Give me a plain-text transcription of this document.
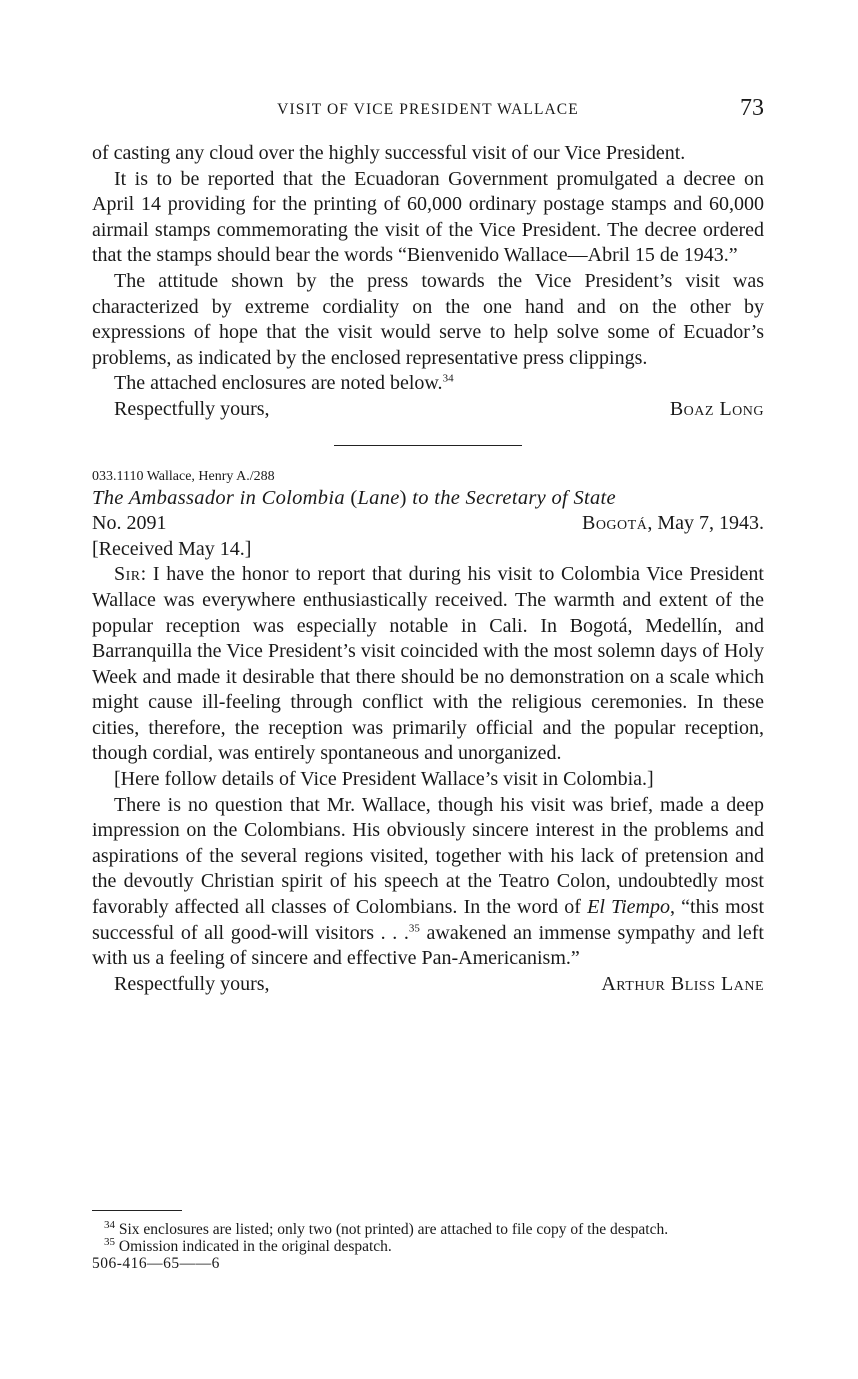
VISIT OF VICE PRESIDENT WALLACE	73

of casting any cloud over the highly successful visit of our Vice President.

It is to be reported that the Ecuadoran Government promulgated a decree on April 14 providing for the printing of 60,000 ordinary postage stamps and 60,000 airmail stamps commemorating the visit of the Vice President. The decree ordered that the stamps should bear the words “Bienvenido Wallace—Abril 15 de 1943.”

The attitude shown by the press towards the Vice President’s visit was characterized by extreme cordiality on the one hand and on the other by expressions of hope that the visit would serve to help solve some of Ecuador’s problems, as indicated by the enclosed representative press clippings.

The attached enclosures are noted below.$^{34}$

Respectfully yours,	Boaz Long

033.1110 Wallace, Henry A./288

The Ambassador in Colombia (Lane) to the Secretary of State

No. 2091	Bogotá, May 7, 1943.

[Received May 14.]

Sir: I have the honor to report that during his visit to Colombia Vice President Wallace was everywhere enthusiastically received. The warmth and extent of the popular reception was especially notable in Cali. In Bogotá, Medellín, and Barranquilla the Vice President’s visit coincided with the most solemn days of Holy Week and made it desirable that there should be no demonstration on a scale which might cause ill-feeling through conflict with the religious ceremonies. In these cities, therefore, the reception was primarily official and the popular reception, though cordial, was entirely spontaneous and unorganized.

[Here follow details of Vice President Wallace’s visit in Colombia.]

There is no question that Mr. Wallace, though his visit was brief, made a deep impression on the Colombians. His obviously sincere interest in the problems and aspirations of the several regions visited, together with his lack of pretension and the devoutly Christian spirit of his speech at the Teatro Colon, undoubtedly most favorably affected all classes of Colombians. In the word of El Tiempo, “this most successful of all good-will visitors . . .$^{35}$ awakened an immense sympathy and left with us a feeling of sincere and effective Pan-Americanism.”

Respectfully yours,	Arthur Bliss Lane

$^{34}$ Six enclosures are listed; only two (not printed) are attached to file copy of the despatch.

$^{35}$ Omission indicated in the original despatch.

506-416—65——6
